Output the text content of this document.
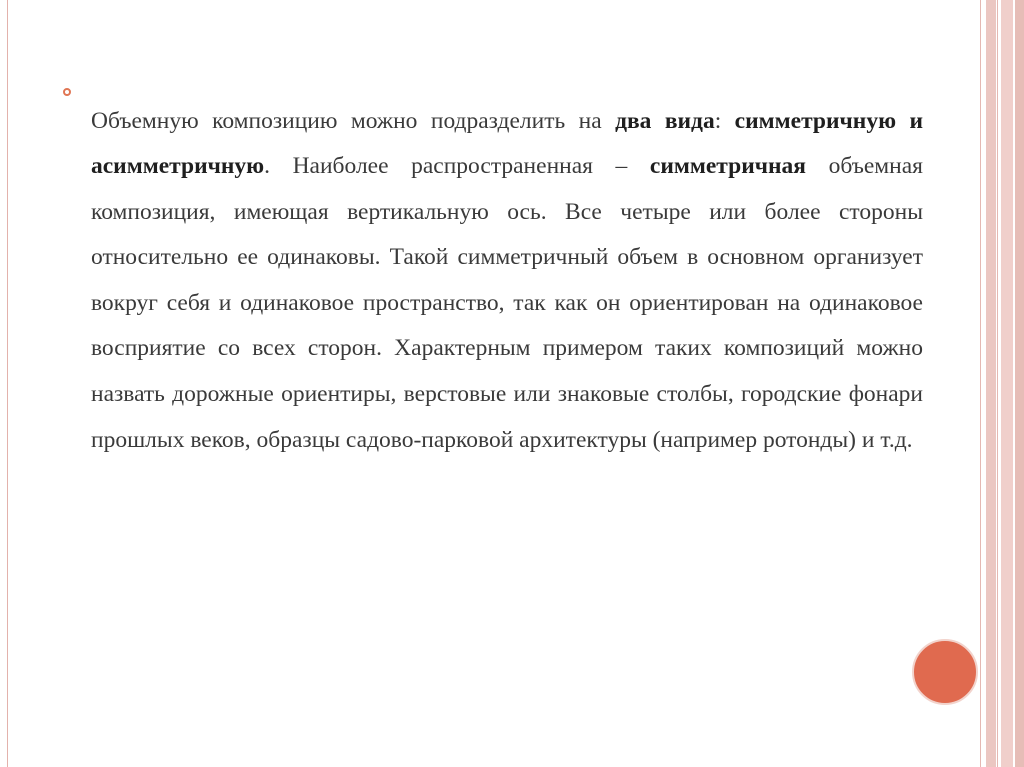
Объемную композицию можно подразделить на два вида: симметричную и асимметричную. Наиболее распространенная – симметричная объемная композиция, имеющая вертикальную ось. Все четыре или более стороны относительно ее одинаковы. Такой симметричный объем в основном организует вокруг себя и одинаковое пространство, так как он ориентирован на одинаковое восприятие со всех сторон. Характерным примером таких композиций можно назвать дорожные ориентиры, верстовые или знаковые столбы, городские фонари прошлых веков, образцы садово-парковой архитектуры (например ротонды) и т.д.
